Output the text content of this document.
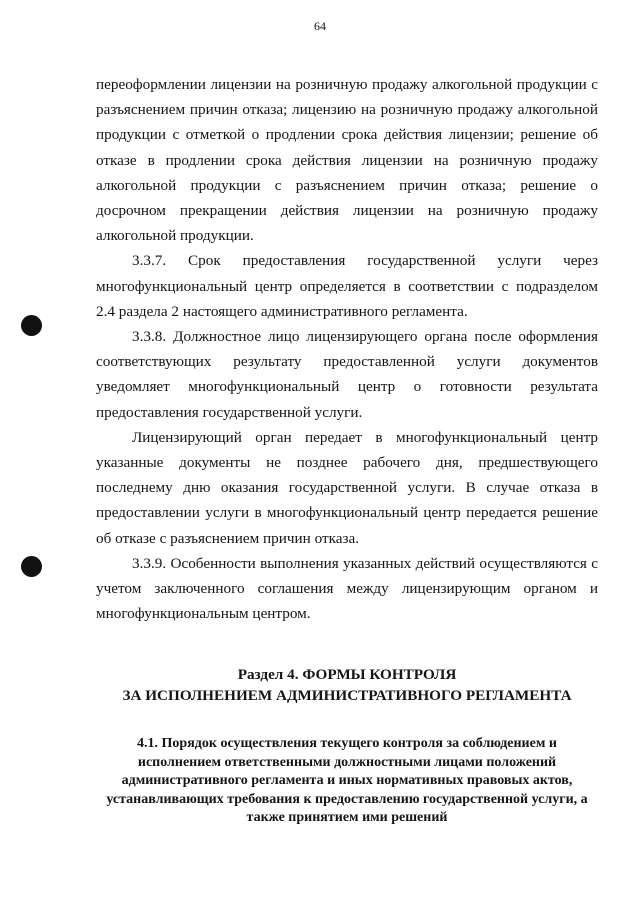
64

переоформлении лицензии на розничную продажу алкогольной продукции с разъяснением причин отказа; лицензию на розничную продажу алкогольной продукции с отметкой о продлении срока действия лицензии; решение об отказе в продлении срока действия лицензии на розничную продажу алкогольной продукции с разъяснением причин отказа; решение о досрочном прекращении действия лицензии на розничную продажу алкогольной продукции.

3.3.7. Срок предоставления государственной услуги через многофункциональный центр определяется в соответствии с подразделом 2.4 раздела 2 настоящего административного регламента.

3.3.8. Должностное лицо лицензирующего органа после оформления соответствующих результату предоставленной услуги документов уведомляет многофункциональный центр о готовности результата предоставления государственной услуги.

Лицензирующий орган передает в многофункциональный центр указанные документы не позднее рабочего дня, предшествующего последнему дню оказания государственной услуги. В случае отказа в предоставлении услуги в многофункциональный центр передается решение об отказе с разъяснением причин отказа.

3.3.9. Особенности выполнения указанных действий осуществляются с учетом заключенного соглашения между лицензирующим органом и многофункциональным центром.

Раздел 4. ФОРМЫ КОНТРОЛЯ
ЗА ИСПОЛНЕНИЕМ АДМИНИСТРАТИВНОГО РЕГЛАМЕНТА
4.1. Порядок осуществления текущего контроля за соблюдением и исполнением ответственными должностными лицами положений административного регламента и иных нормативных правовых актов, устанавливающих требования к предоставлению государственной услуги, а также принятием ими решений
